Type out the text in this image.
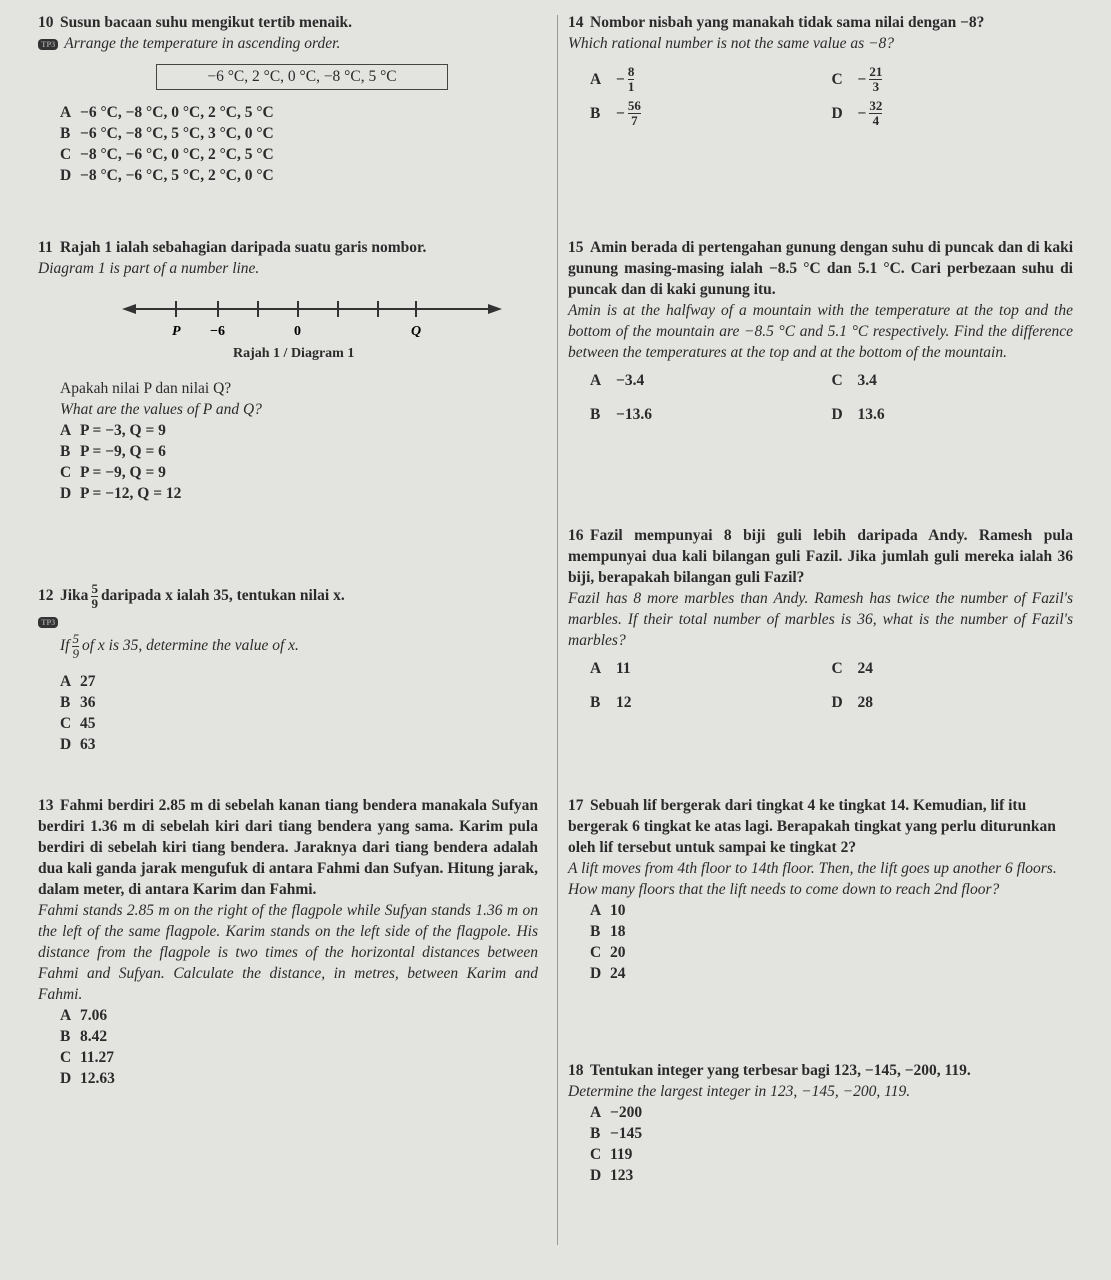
10 Susun bacaan suhu mengikut tertib menaik.

TP3 Arrange the temperature in ascending order.

−6 °C, 2 °C, 0 °C, −8 °C, 5 °C
A −6 °C, −8 °C, 0 °C, 2 °C, 5 °C
B −6 °C, −8 °C, 5 °C, 3 °C, 0 °C
C −8 °C, −6 °C, 0 °C, 2 °C, 5 °C
D −8 °C, −6 °C, 5 °C, 2 °C, 0 °C

11 Rajah 1 ialah sebahagian daripada suatu garis nombor.

Diagram 1 is part of a number line.

P −6	0	Q

Rajah 1 / Diagram 1

Apakah nilai P dan nilai Q?

What are the values of P and Q?

A P = −3, Q = 9
B P = −9, Q = 6
C P = −9, Q = 9
D P = −12, Q = 12

12 Jika $\frac{5}{9}$ daripada x ialah 35, tentukan nilai x.

TP3

If $\frac{5}{9}$ of x is 35, determine the value of x.

A 27
B 36
C 45
D 63

13 Fahmi berdiri 2.85 m di sebelah kanan tiang bendera manakala Sufyan berdiri 1.36 m di sebelah kiri dari tiang bendera yang sama. Karim pula berdiri di sebelah kiri tiang bendera. Jaraknya dari tiang bendera adalah dua kali ganda jarak mengufuk di antara Fahmi dan Sufyan. Hitung jarak, dalam meter, di antara Karim dan Fahmi.

Fahmi stands 2.85 m on the right of the flagpole while Sufyan stands 1.36 m on the left of the same flagpole. Karim stands on the left side of the flagpole. His distance from the flagpole is two times of the horizontal distances between Fahmi and Sufyan. Calculate the distance, in metres, between Karim and Fahmi.

A 7.06
B 8.42
C 11.27
D 12.63

14 Nombor nisbah yang manakah tidak sama nilai dengan −8?

Which rational number is not the same value as −8?

$A - \frac{8}{1}$	$C - \frac{21}{3}$
B	− $\frac{56}{7}$	$D - \frac{32}{4}$

15 Amin berada di pertengahan gunung dengan suhu di puncak dan di kaki gunung masing-masing ialah −8.5 °C dan 5.1 °C. Cari perbezaan suhu di puncak dan di kaki gunung itu.

Amin is at the halfway of a mountain with the temperature at the top and the bottom of the mountain are −8.5 °C and 5.1 °C respectively. Find the difference between the temperatures at the top and at the bottom of the mountain.

A −3.4	C 3.4
B	−13.6	D 13.6

16 Fazil mempunyai 8 biji guli lebih daripada Andy. Ramesh pula mempunyai dua kali bilangan guli Fazil. Jika jumlah guli mereka ialah 36 biji, berapakah bilangan guli Fazil?

Fazil has 8 more marbles than Andy. Ramesh has twice the number of Fazil's marbles. If their total number of marbles is 36, what is the number of Fazil's marbles?

A 11	C 24
B	12	D 28

17 Sebuah lif bergerak dari tingkat 4 ke tingkat 14. Kemudian, lif itu bergerak 6 tingkat ke atas lagi. Berapakah tingkat yang perlu diturunkan oleh lif tersebut untuk sampai ke tingkat 2?

A lift moves from 4th floor to 14th floor. Then, the lift goes up another 6 floors. How many floors that the lift needs to come down to reach 2nd floor?

A 10
B 18
C 20
D 24

18 Tentukan integer yang terbesar bagi 123, −145, −200, 119.

Determine the largest integer in 123, −145, −200, 119.

A −200
B −145
C 119
D 123
